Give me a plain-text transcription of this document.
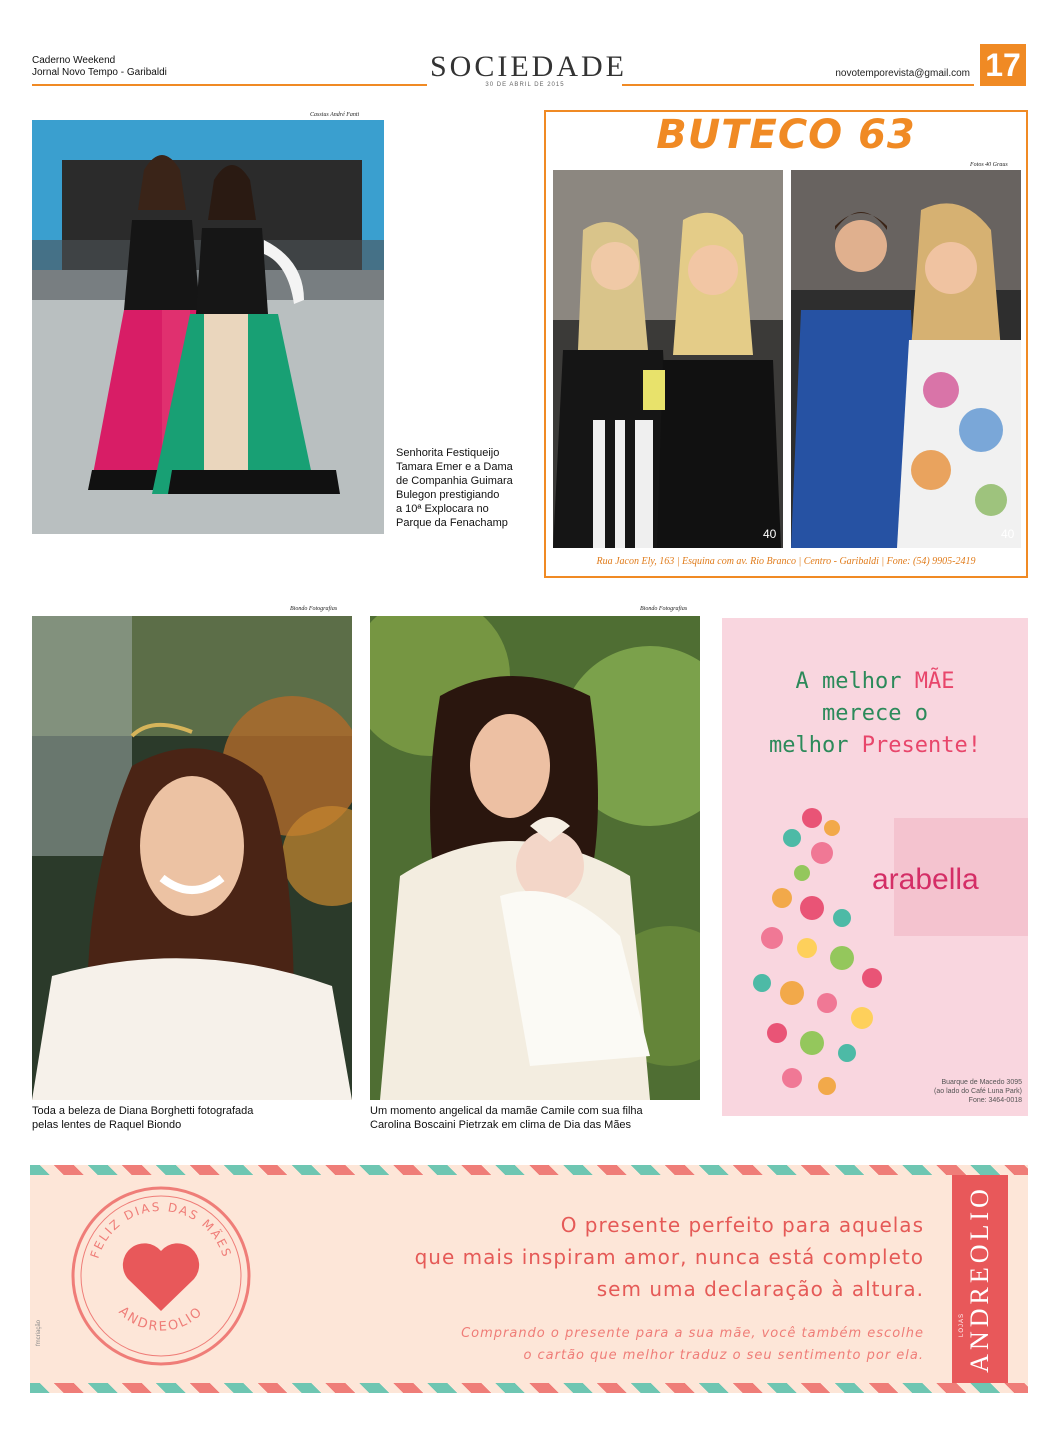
Caderno Weekend
Jornal Novo Tempo - Garibaldi	SOCIEDADE
30 DE ABRIL DE 2015
novotemporevista@gmail.com 17
Cassius André Fanti
Senhorita Festiqueijo
Tamara Emer e a Dama
de Companhia Guimara
Bulegon prestigiando
a 10ª Explocara no
Parque da Fenachamp
BUTECO 63
Fotos 40 Graus
40	40
Rua Jacon Ely, 163 | Esquina com av. Rio Branco | Centro - Garibaldi | Fone: (54) 9905-2419
Biondo Fotografias
Toda a beleza de Diana Borghetti fotografada
pelas lentes de Raquel Biondo
Biondo Fotografias
Um momento angelical da mamãe Camile com sua filha
Carolina Boscaini Pietrzak em clima de Dia das Mães
A melhor MÃE
merece o
melhor Presente!
arabella
Buarque de Macedo 3095
(ao lado do Café Luna Park)
Fone: 3464-0018
FELIZ DIAS DAS MÃES
ANDREOLIO
O presente perfeito para aquelas
que mais inspiram amor, nunca está completo
sem uma declaração à altura.
Comprando o presente para a sua mãe, você também escolhe
o cartão que melhor traduz o seu sentimento por ela. ANDREOLIO
LOJAS
fmcriação
